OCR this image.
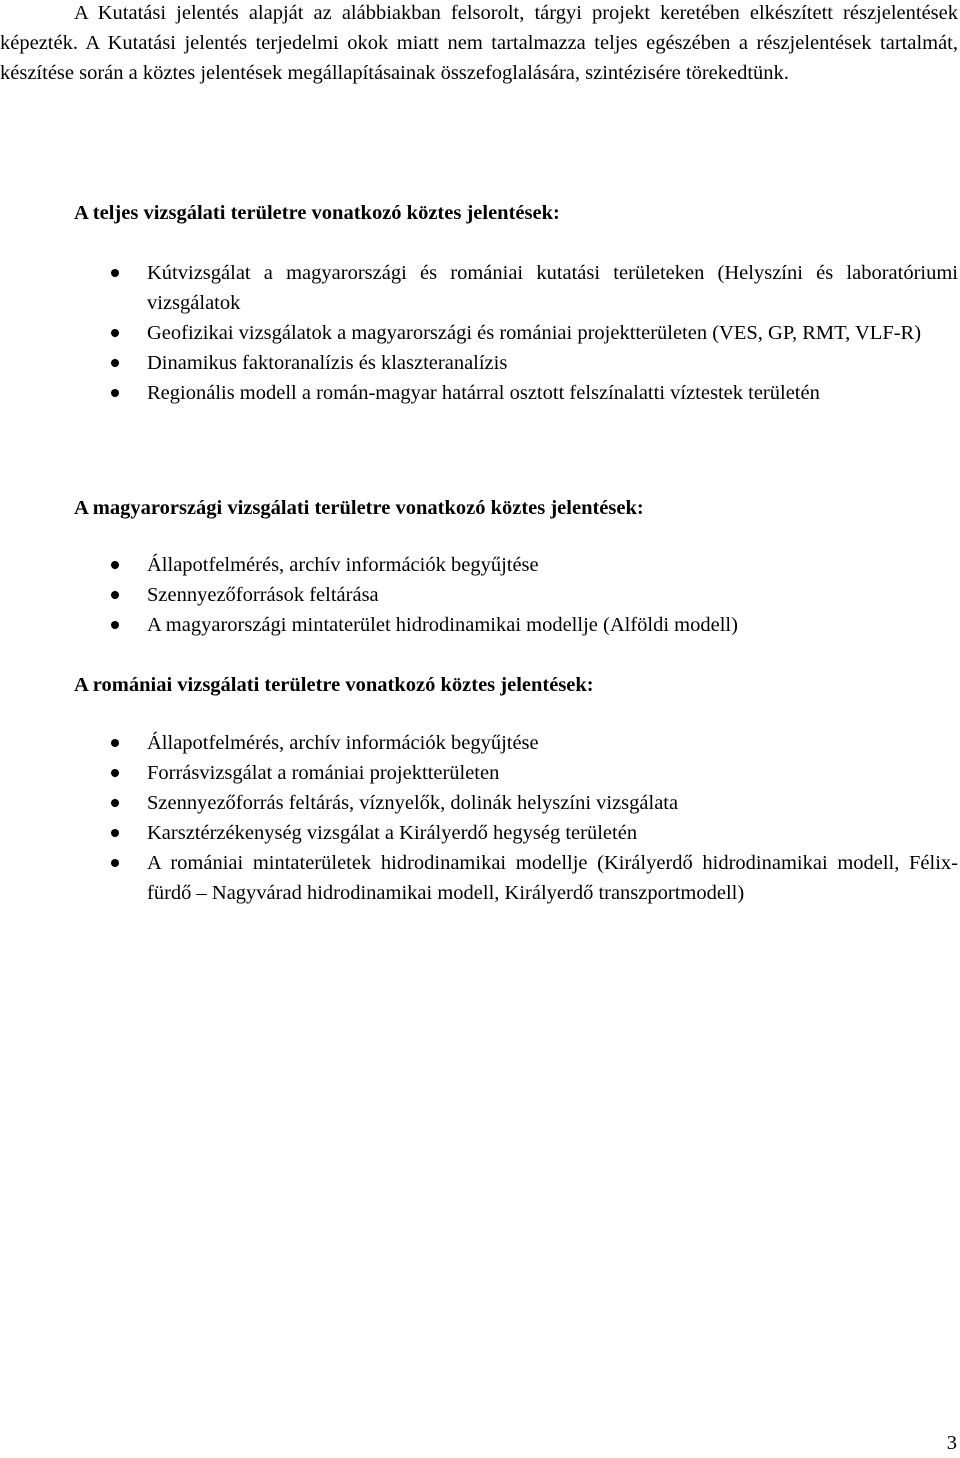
A Kutatási jelentés alapját az alábbiakban felsorolt, tárgyi projekt keretében elkészített részjelentések képezték. A Kutatási jelentés terjedelmi okok miatt nem tartalmazza teljes egészében a részjelentések tartalmát, készítése során a köztes jelentések megállapításainak összefoglalására, szintézisére törekedtünk.

A teljes vizsgálati területre vonatkozó köztes jelentések:
Kútvizsgálat a magyarországi és romániai kutatási területeken (Helyszíni és laboratóriumi vizsgálatok
Geofizikai vizsgálatok a magyarországi és romániai projektterületen (VES, GP, RMT, VLF-R)
Dinamikus faktoranalízis és klaszteranalízis
Regionális modell a román-magyar határral osztott felszínalatti víztestek területén
A magyarországi vizsgálati területre vonatkozó köztes jelentések:
Állapotfelmérés, archív információk begyűjtése
Szennyezőforrások feltárása
A magyarországi mintaterület hidrodinamikai modellje (Alföldi modell)
A romániai vizsgálati területre vonatkozó köztes jelentések:
Állapotfelmérés, archív információk begyűjtése
Forrásvizsgálat a romániai projektterületen
Szennyezőforrás feltárás, víznyelők, dolinák helyszíni vizsgálata
Karsztérzékenység vizsgálat a Királyerdő hegység területén
A romániai mintaterületek hidrodinamikai modellje (Királyerdő hidrodinamikai modell, Félix-fürdő – Nagyvárad hidrodinamikai modell, Királyerdő transzportmodell)
3
